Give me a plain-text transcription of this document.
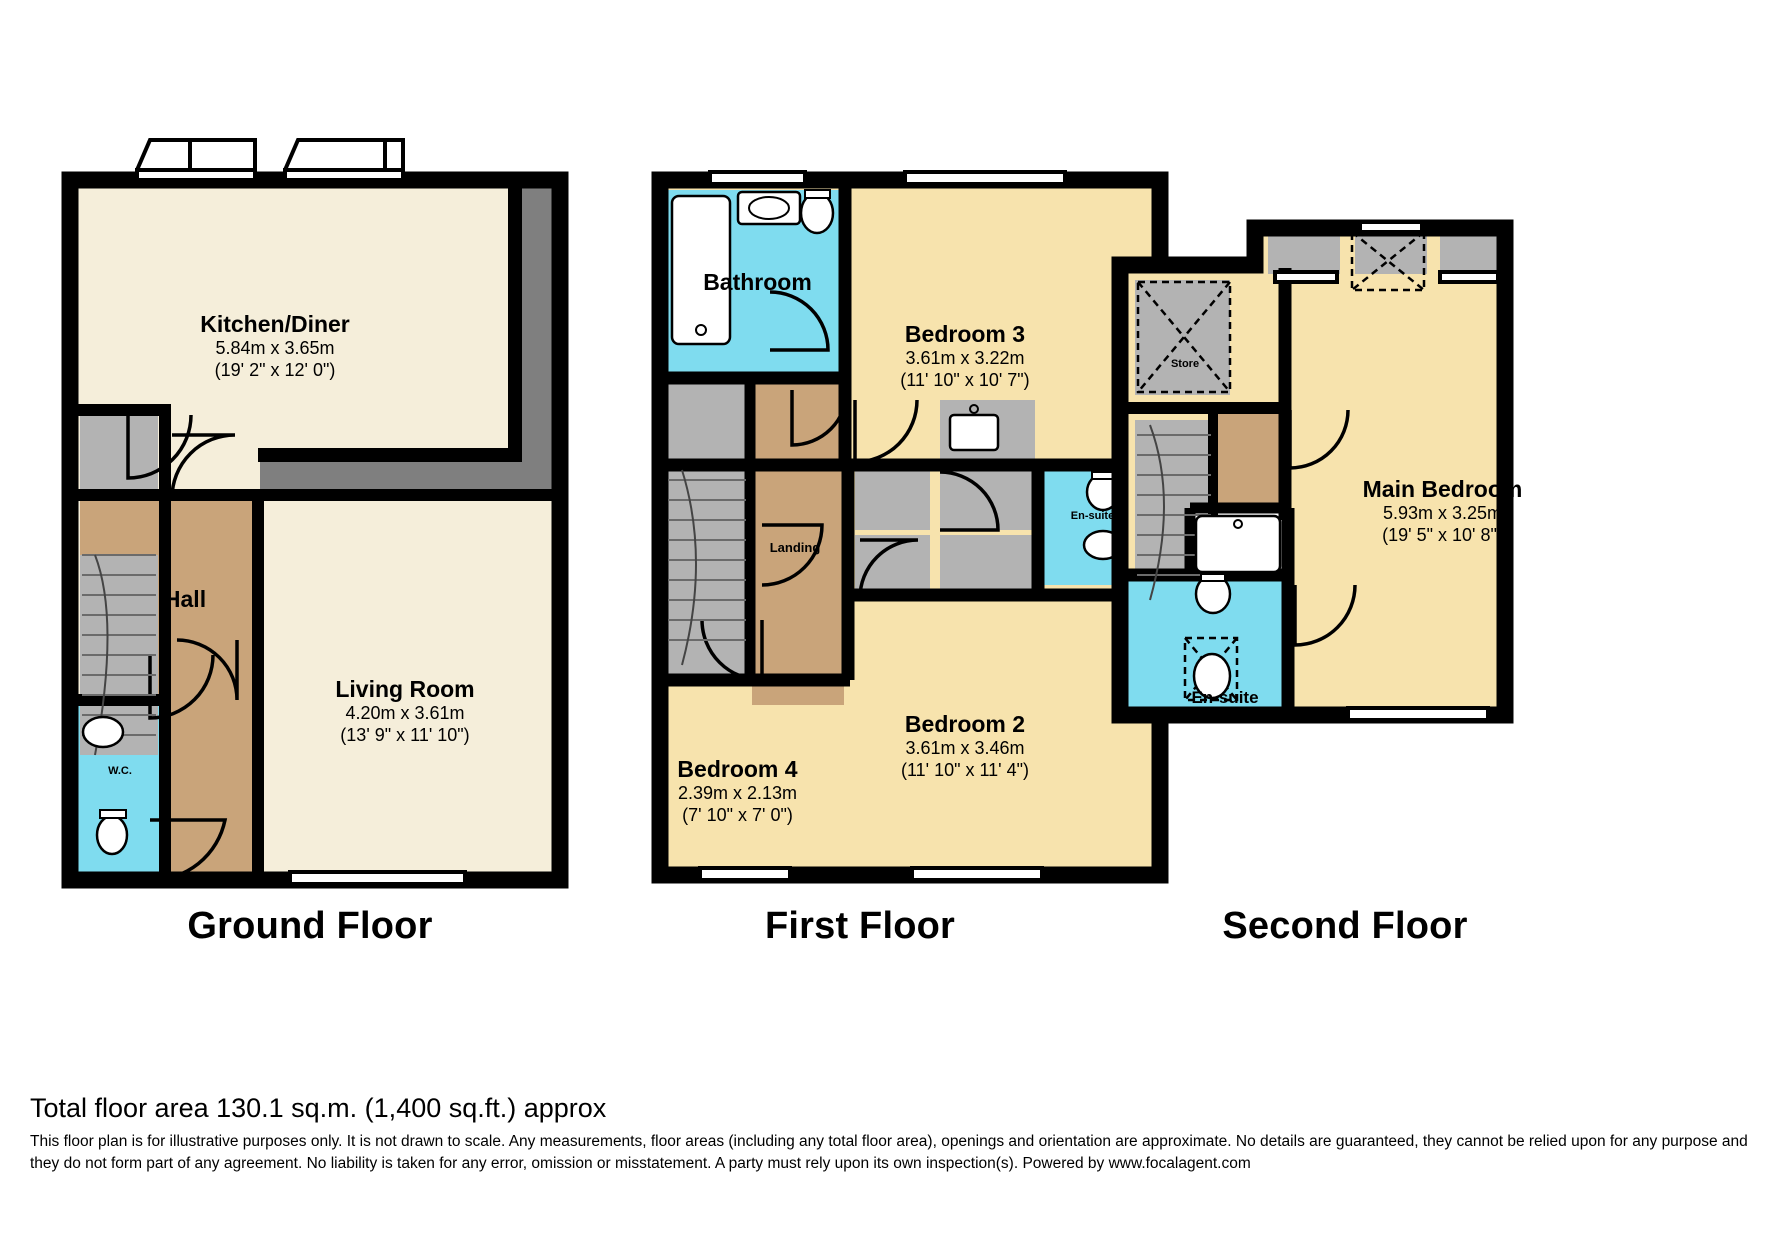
Ground Floor	First Floor	Second Floor
Kitchen/Diner
5.84m x 3.65m
(19' 2" x 12' 0")
Hall
Living Room
4.20m x 3.61m
(13' 9" x 11' 10")
W.C.
Bathroom
Bedroom 3
3.61m x 3.22m
(11' 10" x 10' 7")
Landing
En-suite
Bedroom 2
3.61m x 3.46m
(11' 10" x 11' 4")
Bedroom 4
2.39m x 2.13m
(7' 10" x 7' 0")
Store
Main Bedroom
5.93m x 3.25m
(19' 5" x 10' 8")
En-suite
Total floor area 130.1 sq.m. (1,400 sq.ft.) approx
This floor plan is for illustrative purposes only. It is not drawn to scale. Any measurements, floor areas (including any total floor area), openings and orientation are approximate. No details are guaranteed, they cannot be relied upon for any purpose and they do not form part of any agreement. No liability is taken for any error, omission or misstatement. A party must rely upon its own inspection(s). Powered by www.focalagent.com
